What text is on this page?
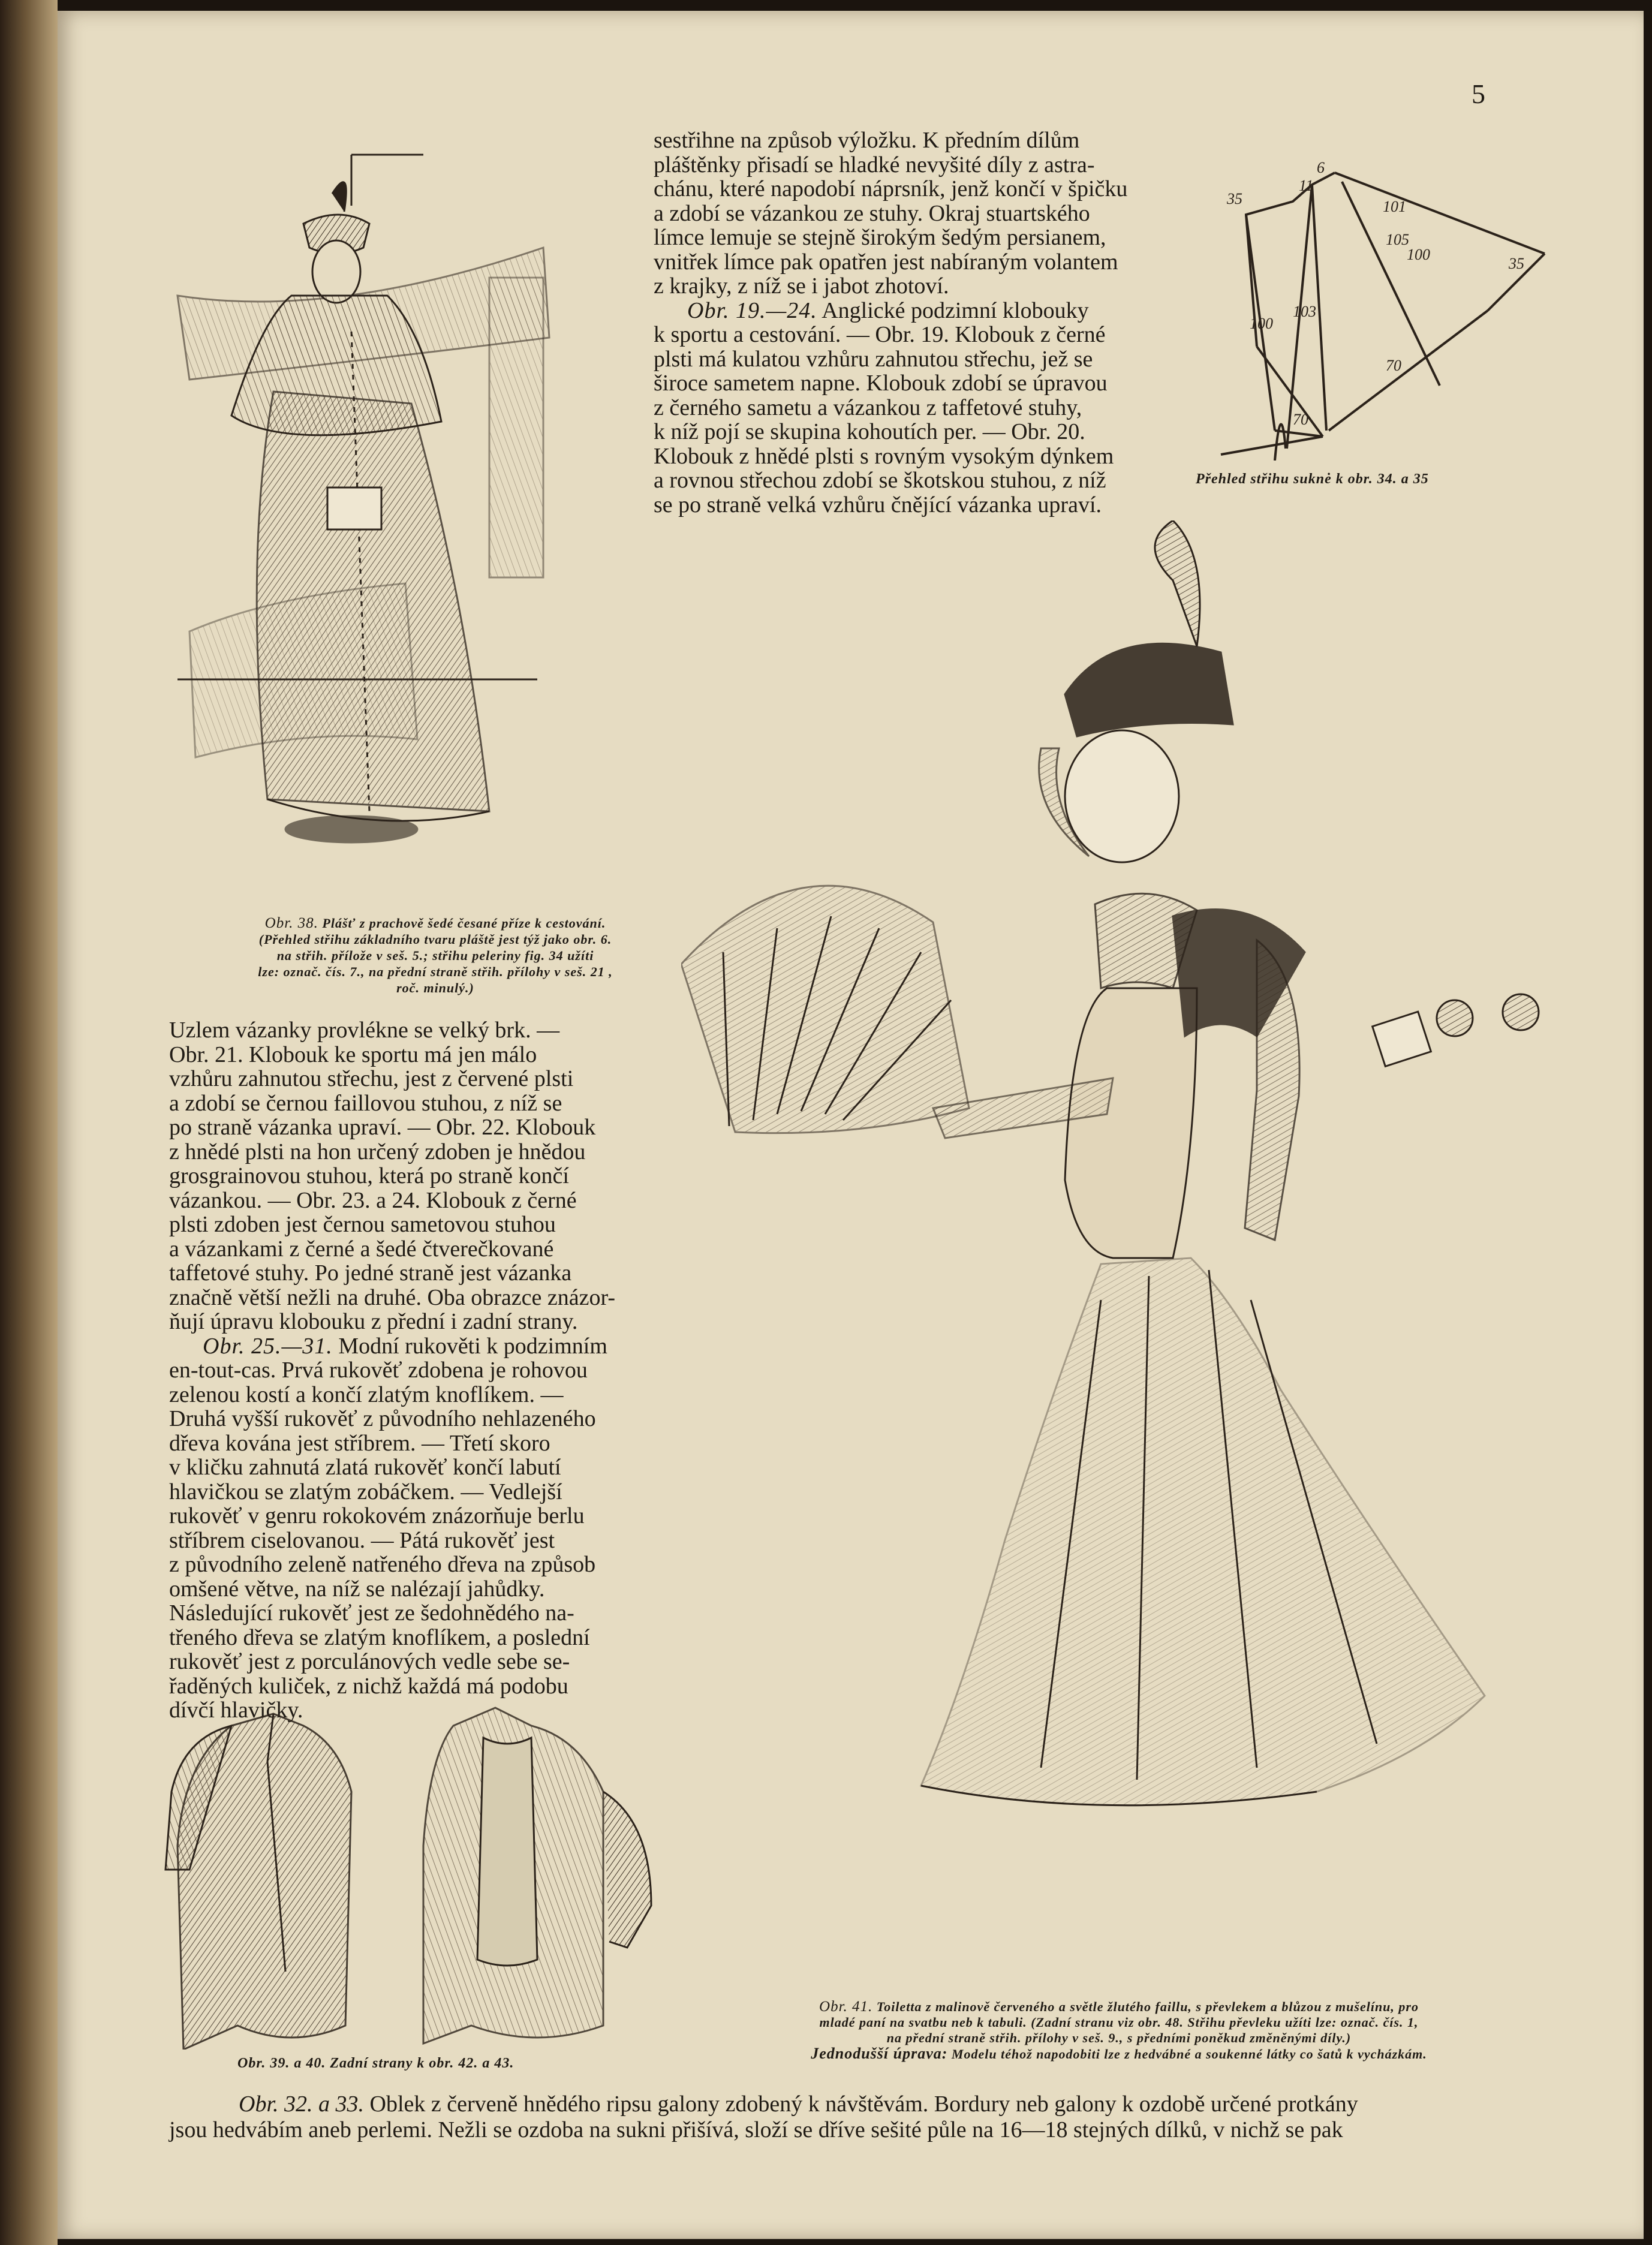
5

sestřihne na způsob výložku. K předním dílům

pláštěnky přisadí se hladké nevyšité díly z astra-

chánu, které napodobí náprsník, jenž končí v špičku

a zdobí se vázankou ze stuhy. Okraj stuartského

límce lemuje se stejně širokým šedým persianem,

vnitřek límce pak opatřen jest nabíraným volantem

z krajky, z níž se i jabot zhotoví.

Obr. 19.—24. Anglické podzimní klobouky

k sportu a cestování. — Obr. 19. Klobouk z černé

plsti má kulatou vzhůru zahnutou střechu, jež se

široce sametem napne. Klobouk zdobí se úpravou

z černého sametu a vázankou z taffetové stuhy,

k níž pojí se skupina kohoutích per. — Obr. 20.

Klobouk z hnědé plsti s rovným vysokým dýnkem

a rovnou střechou zdobí se škotskou stuhou, z níž

se po straně velká vzhůru čnějící vázanka upraví.

35
11
6
101
100
103
105
100
35
70
70
Přehled střihu suknė k obr. 34. a 35
Obr. 38. Plášť z prachově šedé česané příze k cestování.
(Přehled střihu základního tvaru pláště jest týž jako obr. 6.
na střih. přílože v seš. 5.; střihu peleriny fig. 34 užíti
lze: označ. čís. 7., na přední straně střih. přílohy v seš. 21 ,
roč. minulý.)

Uzlem vázanky provlékne se velký brk. —

Obr. 21. Klobouk ke sportu má jen málo

vzhůru zahnutou střechu, jest z červené plsti

a zdobí se černou faillovou stuhou, z níž se

po straně vázanka upraví. — Obr. 22. Klobouk

z hnědé plsti na hon určený zdoben je hnědou

grosgrainovou stuhou, která po straně končí

vázankou. — Obr. 23. a 24. Klobouk z černé

plsti zdoben jest černou sametovou stuhou

a vázankami z černé a šedé čtverečkované

taffetové stuhy. Po jedné straně jest vázanka

značně větší nežli na druhé. Oba obrazce znázor-

ňují úpravu klobouku z přední i zadní strany.

Obr. 25.—31. Modní rukověti k podzimním

en-tout-cas. Prvá rukověť zdobena je rohovou

zelenou kostí a končí zlatým knoflíkem. —

Druhá vyšší rukověť z původního nehlazeného

dřeva kována jest stříbrem. — Třetí skoro

v kličku zahnutá zlatá rukověť končí labutí

hlavičkou se zlatým zobáčkem. — Vedlejší

rukověť v genru rokokovém znázorňuje berlu

stříbrem ciselovanou. — Pátá rukověť jest

z původního zeleně natřeného dřeva na způsob

omšené větve, na níž se nalézají jahůdky.

Následující rukověť jest ze šedohnědého na-

třeného dřeva se zlatým knoflíkem, a poslední

rukověť jest z porculánových vedle sebe se-

řaděných kuliček, z nichž každá má podobu

dívčí hlavičky.

Obr. 39. a 40. Zadní strany k obr. 42. a 43.
Obr. 41. Toiletta z malinově červeného a světle žlutého faillu, s převlekem a blůzou z mušelínu, pro
mladé paní na svatbu neb k tabuli. (Zadní stranu viz obr. 48. Střihu převleku užíti lze: označ. čís. 1,
na přední straně střih. přílohy v seš. 9., s předními poněkud změněnými díly.)
Jednodušší úprava: Modelu téhož napodobiti lze z hedvábné a soukenné látky co šatů k vycházkám.
Obr. 32. a 33. Oblek z červeně hnědého ripsu galony zdobený k návštěvám. Bordury neb galony k ozdobě určené protkány
jsou hedvábím aneb perlemi. Nežli se ozdoba na sukni přišívá, složí se dříve sešité půle na 16—18 stejných dílků, v nichž se pak
